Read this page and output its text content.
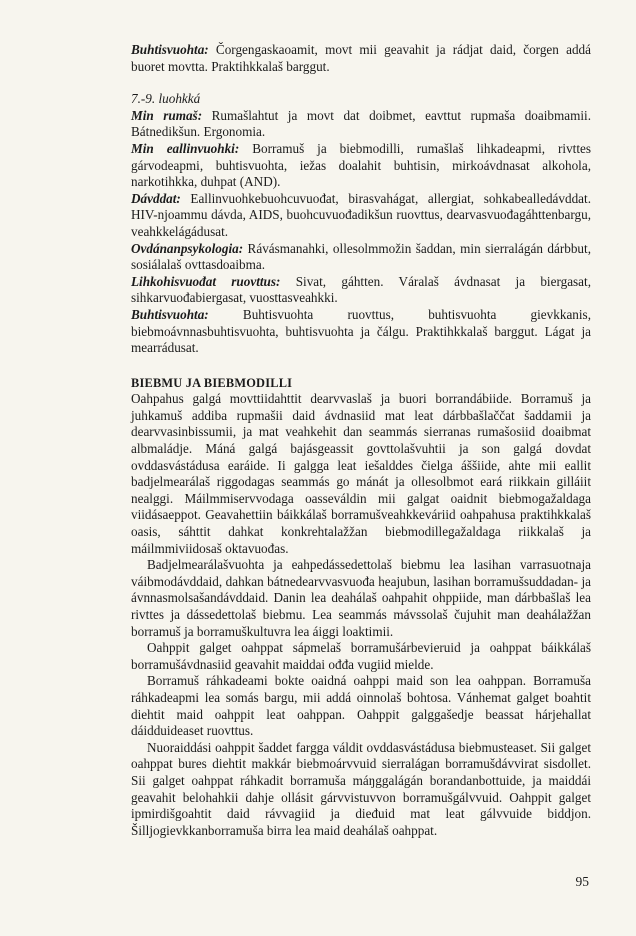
Buhtisvuohta: Čorgengaskaoamit, movt mii geavahit ja rádjat daid, čorgen addá buoret movtta. Praktihkkalaš barggut.

7.-9. luohkká

Min rumaš: Rumašlahtut ja movt dat doibmet, eavttut rupmaša doaibmamii. Bátnedikšun. Ergonomia.

Min eallinvuohki: Borramuš ja biebmodilli, rumašlaš lihkadeapmi, rivttes gárvodeapmi, buhtisvuohta, iežas doalahit buhtisin, mirkoávdnasat alkohola, narkotihkka, duhpat (AND).

Dávddat: Eallinvuohkebuohcuvuođat, birasvahágat, allergiat, sohkabealledávddat. HIV-njoammu dávda, AIDS, buohcuvuođadikšun ruovttus, dearvasvuođagáhttenbargu, veahkkelágádusat.

Ovdánanpsykologia: Rávásmanahki, ollesolmmožin šaddan, min sierralágán dárbbut, sosiálalaš ovttasdoaibma.

Lihkohisvuođat ruovttus: Sivat, gáhtten. Váralaš ávdnasat ja biergasat, sihkarvuođabiergasat, vuosttasveahkki.

Buhtisvuohta: Buhtisvuohta ruovttus, buhtisvuohta gievkkanis, biebmoávnnasbuhtisvuohta, buhtisvuohta ja čálgu. Praktihkkalaš barggut. Lágat ja mearrádusat.

BIEBMU JA BIEBMODILLI

Oahpahus galgá movttiidahttit dearvvaslaš ja buori borrandábiide. Borramuš ja juhkamuš addiba rupmašii daid ávdnasiid mat leat dárbbašlaččat šaddamii ja dearvvasinbissumii, ja mat veahkehit dan seammás sierranas rumašosiid doaibmat albmaládje. Máná galgá bajásgeassit govttolašvuhtii ja son galgá dovdat ovddasvástádusa earáide. Ii galgga leat iešalddes čielga áššiide, ahte mii eallit badjelmearálaš riggodagas seammás go mánát ja ollesolbmot eará riikkain gilláiit nealggi. Máilmmiservvodaga oasseváldin mii galgat oaidnit biebmogažaldaga viidásaeppot. Geavahettiin báikkálaš borramušveahkkeváriid oahpahusa praktihkkalaš oasis, sáhttit dahkat konkrehtalažžan biebmodillegažaldaga riikkalaš ja máilmmiviidosaš oktavuođas.

Badjelmearálašvuohta ja eahpedássedettolaš biebmu lea lasihan varrasuotnaja váibmodávddaid, dahkan bátnedearvvasvuođa heajubun, lasihan borramušsuddadan- ja ávnnasmolsašandávddaid. Danin lea deahálaš oahpahit ohppiide, man dárbbašlaš lea rivttes ja dássedettolaš biebmu. Lea seammás mávssolaš čujuhit man deahálažžan borramuš ja borramuškultuvra lea áiggi loaktimii.

Oahppit galget oahppat sápmelaš borramušárbevieruid ja oahppat báikkálaš borramušávdnasiid geavahit maiddai ođđa vugiid mielde.

Borramuš ráhkadeami bokte oaidná oahppi maid son lea oahppan. Borramuša ráhkadeapmi lea somás bargu, mii addá oinnolaš bohtosa. Vánhemat galget boahtit diehtit maid oahppit leat oahppan. Oahppit galggašedje beassat hárjehallat dáidduideaset ruovttus.

Nuoraiddási oahppit šaddet fargga váldit ovddasvástádusa biebmusteaset. Sii galget oahppat bures diehtit makkár biebmoárvvuid sierralágan borramušdávvirat sisdollet. Sii galget oahppat ráhkadit borramuša máŋggalágán borandanbottuide, ja maiddái geavahit belohahkii dahje ollásit gárvvistuvvon borramušgálvvuid. Oahppit galget ipmirdišgoahtit daid rávvagiid ja dieđuid mat leat gálvvuide biddjon. Šilljogievkkanborramuša birra lea maid deahálaš oahppat.

95
